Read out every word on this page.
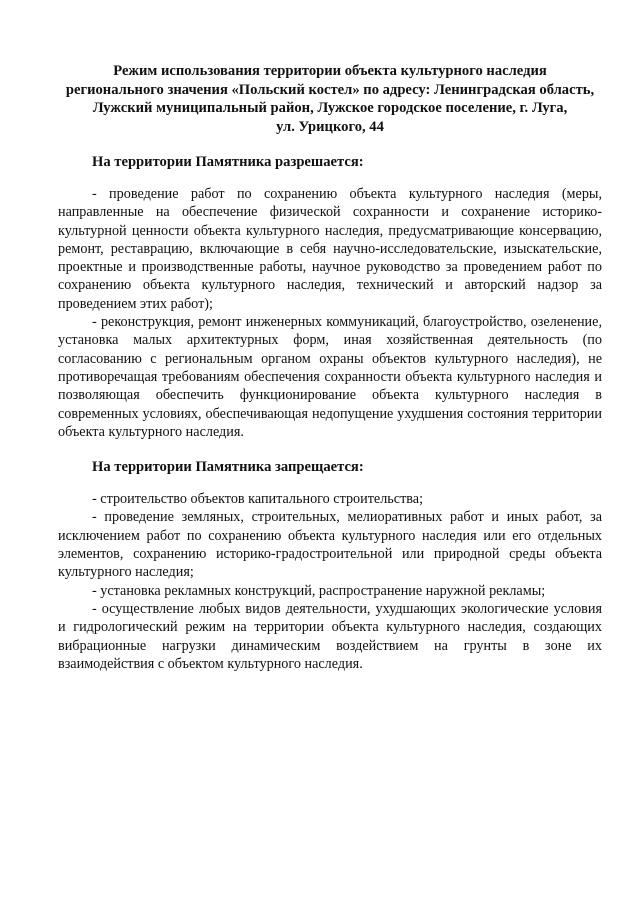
Режим использования территории объекта культурного наследия
регионального значения «Польский костел» по адресу: Ленинградская область,
Лужский муниципальный район, Лужское городское поселение, г. Луга,
ул. Урицкого, 44
На территории Памятника разрешается:

- проведение работ по сохранению объекта культурного наследия (меры, направленные на обеспечение физической сохранности и сохранение историко-культурной ценности объекта культурного наследия, предусматривающие консервацию, ремонт, реставрацию, включающие в себя научно-исследовательские, изыскательские, проектные и производственные работы, научное руководство за проведением работ по сохранению объекта культурного наследия, технический и авторский надзор за проведением этих работ);

- реконструкция, ремонт инженерных коммуникаций, благоустройство, озеленение, установка малых архитектурных форм, иная хозяйственная деятельность (по согласованию с региональным органом охраны объектов культурного наследия), не противоречащая требованиям обеспечения сохранности объекта культурного наследия и позволяющая обеспечить функционирование объекта культурного наследия в современных условиях, обеспечивающая недопущение ухудшения состояния территории объекта культурного наследия.

На территории Памятника запрещается:

- строительство объектов капитального строительства;

- проведение земляных, строительных, мелиоративных работ и иных работ, за исключением работ по сохранению объекта культурного наследия или его отдельных элементов, сохранению историко-градостроительной или природной среды объекта культурного наследия;

- установка рекламных конструкций, распространение наружной рекламы;

- осуществление любых видов деятельности, ухудшающих экологические условия и гидрологический режим на территории объекта культурного наследия, создающих вибрационные нагрузки динамическим воздействием на грунты в зоне их взаимодействия с объектом культурного наследия.
